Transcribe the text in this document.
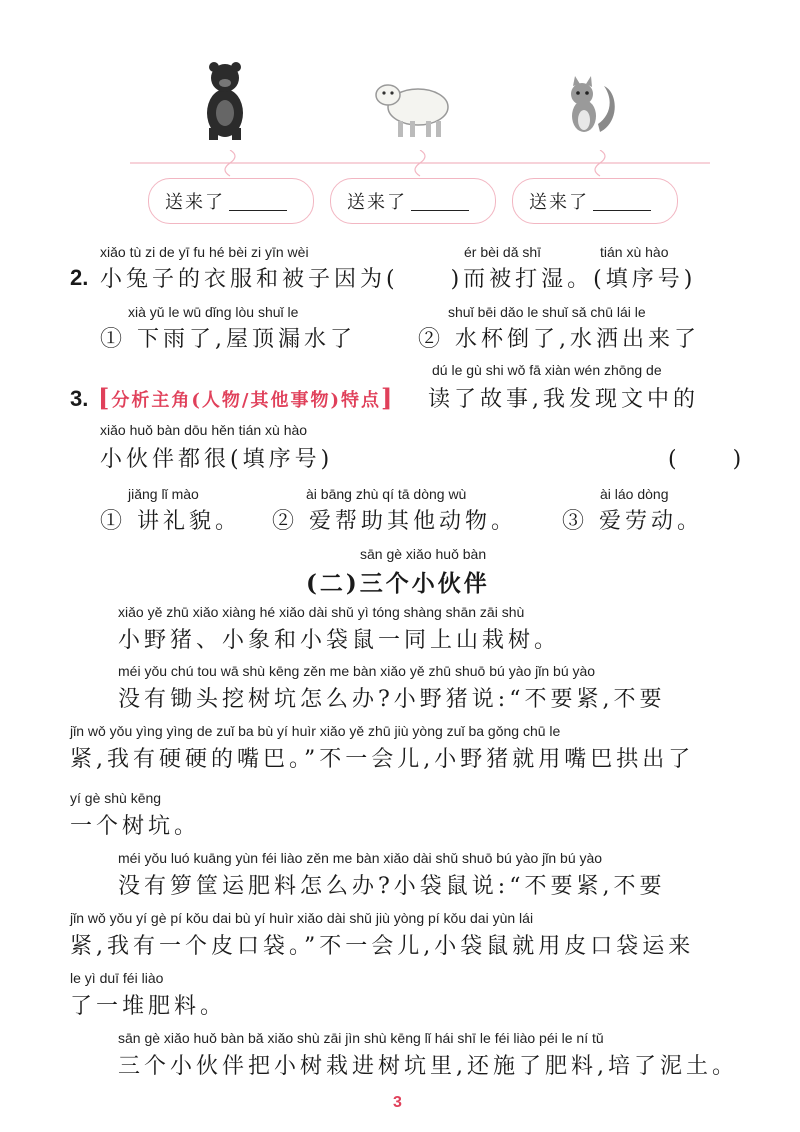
送来了	送来了	送来了
xiǎo tù zi de yī fu hé bèi zi yīn wèi	ér bèi dǎ shī	tián xù hào
2. 小兔子的衣服和被子因为(　　)而被打湿。(填序号)
xià yǔ le wū dǐng lòu shuǐ le	shuǐ bēi dǎo le shuǐ sǎ chū lái le
① 下雨了,屋顶漏水了	② 水杯倒了,水洒出来了
dú le gù shi wǒ fā xiàn wén zhōng de
3. [分析主角(人物/其他事物)特点] 读了故事,我发现文中的
xiǎo huǒ bàn dōu hěn tián xù hào
小伙伴都很(填序号)	(　　)
jiǎng lǐ mào	ài bāng zhù qí tā dòng wù	ài láo dòng
① 讲礼貌。 ② 爱帮助其他动物。 ③ 爱劳动。
sān gè xiǎo huǒ bàn
(二)三个小伙伴
xiǎo yě zhū xiǎo xiàng hé xiǎo dài shǔ yì tóng shàng shān zāi shù
小野猪、小象和小袋鼠一同上山栽树。
méi yǒu chú tou wā shù kēng zěn me bàn xiǎo yě zhū shuō bú yào jǐn bú yào
没有锄头挖树坑怎么办?小野猪说:“不要紧,不要
jǐn wǒ yǒu yìng yìng de zuǐ ba bù yí huìr xiǎo yě zhū jiù yòng zuǐ ba gǒng chū le
紧,我有硬硬的嘴巴。”不一会儿,小野猪就用嘴巴拱出了
yí gè shù kēng
一个树坑。
méi yǒu luó kuāng yùn féi liào zěn me bàn xiǎo dài shǔ shuō bú yào jǐn bú yào
没有箩筐运肥料怎么办?小袋鼠说:“不要紧,不要
jǐn wǒ yǒu yí gè pí kǒu dai bù yí huìr xiǎo dài shǔ jiù yòng pí kǒu dai yùn lái
紧,我有一个皮口袋。”不一会儿,小袋鼠就用皮口袋运来
le yì duī féi liào
了一堆肥料。
sān gè xiǎo huǒ bàn bǎ xiǎo shù zāi jìn shù kēng lǐ hái shī le féi liào péi le ní tǔ
三个小伙伴把小树栽进树坑里,还施了肥料,培了泥土。
3
